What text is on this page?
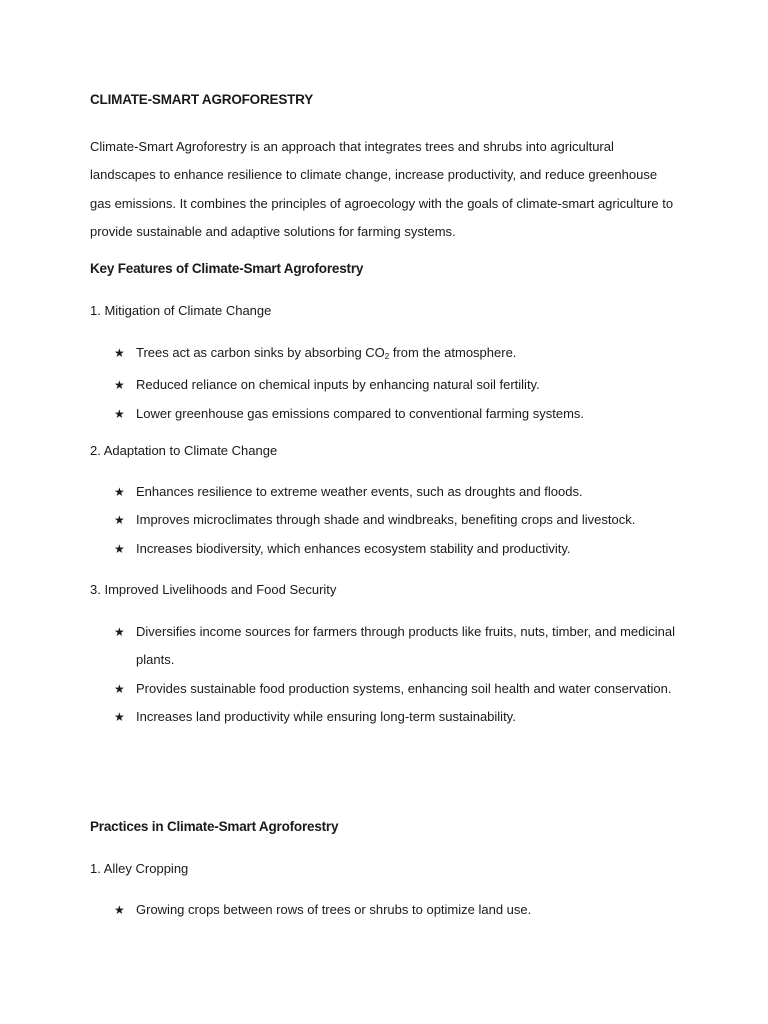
CLIMATE-SMART AGROFORESTRY
Climate-Smart Agroforestry is an approach that integrates trees and shrubs into agricultural landscapes to enhance resilience to climate change, increase productivity, and reduce greenhouse gas emissions. It combines the principles of agroecology with the goals of climate-smart agriculture to provide sustainable and adaptive solutions for farming systems.
Key Features of Climate-Smart Agroforestry
1. Mitigation of Climate Change
★ Trees act as carbon sinks by absorbing CO2 from the atmosphere.
★ Reduced reliance on chemical inputs by enhancing natural soil fertility.
★ Lower greenhouse gas emissions compared to conventional farming systems.
2. Adaptation to Climate Change
★ Enhances resilience to extreme weather events, such as droughts and floods.
★ Improves microclimates through shade and windbreaks, benefiting crops and livestock.
★ Increases biodiversity, which enhances ecosystem stability and productivity.
3. Improved Livelihoods and Food Security
★ Diversifies income sources for farmers through products like fruits, nuts, timber, and medicinal plants.
★ Provides sustainable food production systems, enhancing soil health and water conservation.
★ Increases land productivity while ensuring long-term sustainability.
Practices in Climate-Smart Agroforestry
1. Alley Cropping
★ Growing crops between rows of trees or shrubs to optimize land use.
